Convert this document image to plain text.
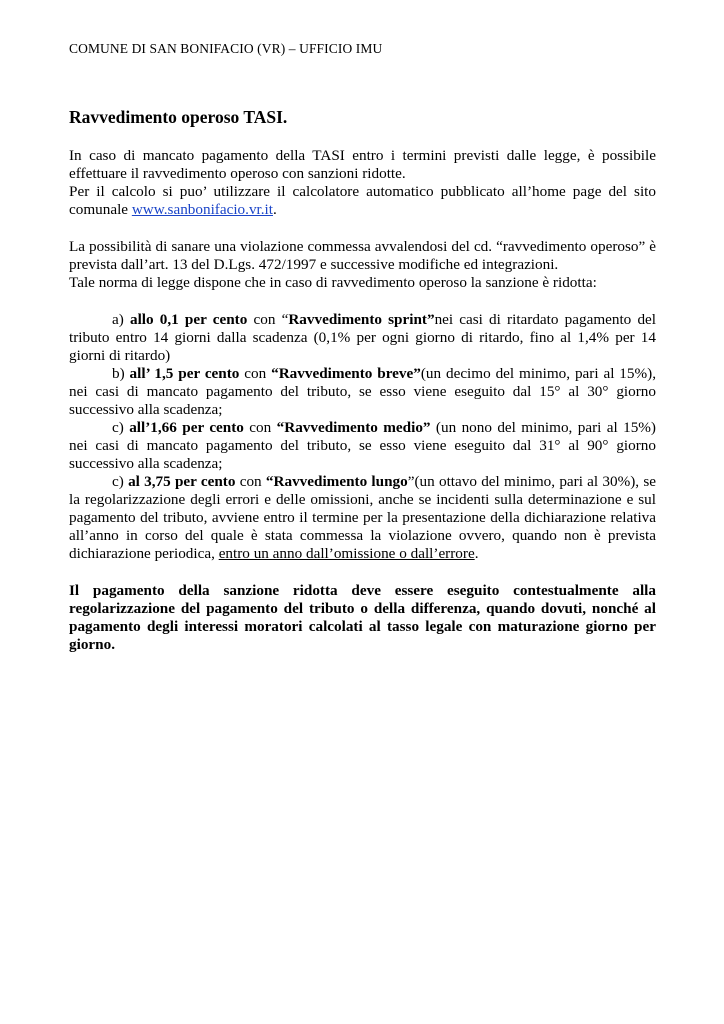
COMUNE DI SAN BONIFACIO (VR) – UFFICIO IMU
Ravvedimento operoso TASI.

In caso di mancato pagamento della TASI entro i termini previsti dalle legge, è possibile effettuare il ravvedimento operoso con sanzioni ridotte.

Per il calcolo si puo’ utilizzare il calcolatore automatico pubblicato all’home page del sito comunale www.sanbonifacio.vr.it.

La possibilità di sanare una violazione commessa avvalendosi del cd. “ravvedimento operoso” è prevista dall’art. 13 del D.Lgs. 472/1997 e successive modifiche ed integrazioni.

Tale norma di legge dispone che in caso di ravvedimento operoso la sanzione è ridotta:

a) allo 0,1 per cento con “Ravvedimento sprint”nei casi di ritardato pagamento del tributo entro 14 giorni dalla scadenza (0,1% per ogni giorno di ritardo, fino al 1,4% per 14 giorni di ritardo)

b) all’ 1,5 per cento con “Ravvedimento breve”(un decimo del minimo, pari al 15%), nei casi di mancato pagamento del tributo, se esso viene eseguito dal 15° al 30° giorno successivo alla scadenza;

c) all’1,66 per cento con “Ravvedimento medio” (un nono del minimo, pari al 15%) nei casi di mancato pagamento del tributo, se esso viene eseguito dal 31° al 90° giorno successivo alla scadenza;

c) al 3,75 per cento con “Ravvedimento lungo”(un ottavo del minimo, pari al 30%), se la regolarizzazione degli errori e delle omissioni, anche se incidenti sulla determinazione e sul pagamento del tributo, avviene entro il termine per la presentazione della dichiarazione relativa all’anno in corso del quale è stata commessa la violazione ovvero, quando non è prevista dichiarazione periodica, entro un anno dall’omissione o dall’errore.

Il pagamento della sanzione ridotta deve essere eseguito contestualmente alla regolarizzazione del pagamento del tributo o della differenza, quando dovuti, nonché al pagamento degli interessi moratori calcolati al tasso legale con maturazione giorno per giorno.
